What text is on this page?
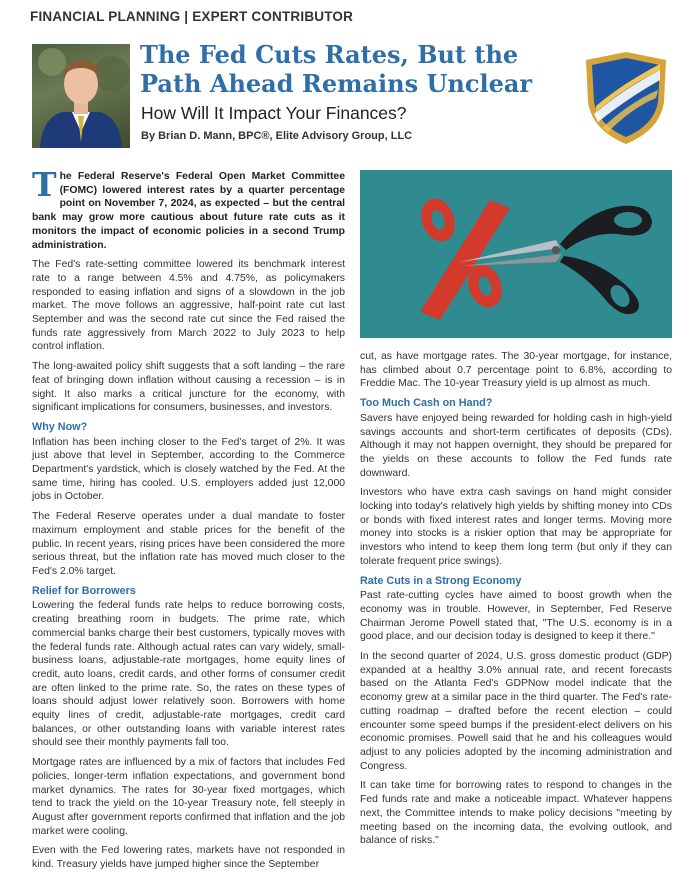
FINANCIAL PLANNING | EXPERT CONTRIBUTOR
The Fed Cuts Rates, But the Path Ahead Remains Unclear
How Will It Impact Your Finances?
By Brian D. Mann, BPC®, Elite Advisory Group, LLC

The Federal Reserve's Federal Open Market Committee (FOMC) lowered interest rates by a quarter percentage point on November 7, 2024, as expected – but the central bank may grow more cautious about future rate cuts as it monitors the impact of economic policies in a second Trump administration.

The Fed's rate-setting committee lowered its benchmark interest rate to a range between 4.5% and 4.75%, as policymakers responded to easing inflation and signs of a slowdown in the job market. The move follows an aggressive, half-point rate cut last September and was the second rate cut since the Fed raised the funds rate aggressively from March 2022 to July 2023 to help control inflation.

The long-awaited policy shift suggests that a soft landing – the rare feat of bringing down inflation without causing a recession – is in sight. It also marks a critical juncture for the economy, with significant implications for consumers, businesses, and investors.

Why Now?

Inflation has been inching closer to the Fed's target of 2%. It was just above that level in September, according to the Commerce Department's yardstick, which is closely watched by the Fed. At the same time, hiring has cooled. U.S. employers added just 12,000 jobs in October.

The Federal Reserve operates under a dual mandate to foster maximum employment and stable prices for the benefit of the public. In recent years, rising prices have been considered the more serious threat, but the inflation rate has moved much closer to the Fed's 2.0% target.

Relief for Borrowers

Lowering the federal funds rate helps to reduce borrowing costs, creating breathing room in budgets. The prime rate, which commercial banks charge their best customers, typically moves with the federal funds rate. Although actual rates can vary widely, small-business loans, adjustable-rate mortgages, home equity lines of credit, auto loans, credit cards, and other forms of consumer credit are often linked to the prime rate. So, the rates on these types of loans should adjust lower relatively soon. Borrowers with home equity lines of credit, adjustable-rate mortgages, credit card balances, or other outstanding loans with variable interest rates should see their monthly payments fall too.

Mortgage rates are influenced by a mix of factors that includes Fed policies, longer-term inflation expectations, and government bond market dynamics. The rates for 30-year fixed mortgages, which tend to track the yield on the 10-year Treasury note, fell steeply in August after government reports confirmed that inflation and the job market were cooling.

Even with the Fed lowering rates, markets have not responded in kind. Treasury yields have jumped higher since the September

cut, as have mortgage rates. The 30-year mortgage, for instance, has climbed about 0.7 percentage point to 6.8%, according to Freddie Mac. The 10-year Treasury yield is up almost as much.

Too Much Cash on Hand?

Savers have enjoyed being rewarded for holding cash in high-yield savings accounts and short-term certificates of deposits (CDs). Although it may not happen overnight, they should be prepared for the yields on these accounts to follow the Fed funds rate downward.

Investors who have extra cash savings on hand might consider locking into today's relatively high yields by shifting money into CDs or bonds with fixed interest rates and longer terms. Moving more money into stocks is a riskier option that may be appropriate for investors who intend to keep them long term (but only if they can tolerate frequent price swings).

Rate Cuts in a Strong Economy

Past rate-cutting cycles have aimed to boost growth when the economy was in trouble. However, in September, Fed Reserve Chairman Jerome Powell stated that, "The U.S. economy is in a good place, and our decision today is designed to keep it there."

In the second quarter of 2024, U.S. gross domestic product (GDP) expanded at a healthy 3.0% annual rate, and recent forecasts based on the Atlanta Fed's GDPNow model indicate that the economy grew at a similar pace in the third quarter. The Fed's rate-cutting roadmap – drafted before the recent election – could encounter some speed bumps if the president-elect delivers on his economic promises. Powell said that he and his colleagues would adjust to any policies adopted by the incoming administration and Congress.

It can take time for borrowing rates to respond to changes in the Fed funds rate and make a noticeable impact. Whatever happens next, the Committee intends to make policy decisions "meeting by meeting based on the incoming data, the evolving outlook, and balance of risks."
